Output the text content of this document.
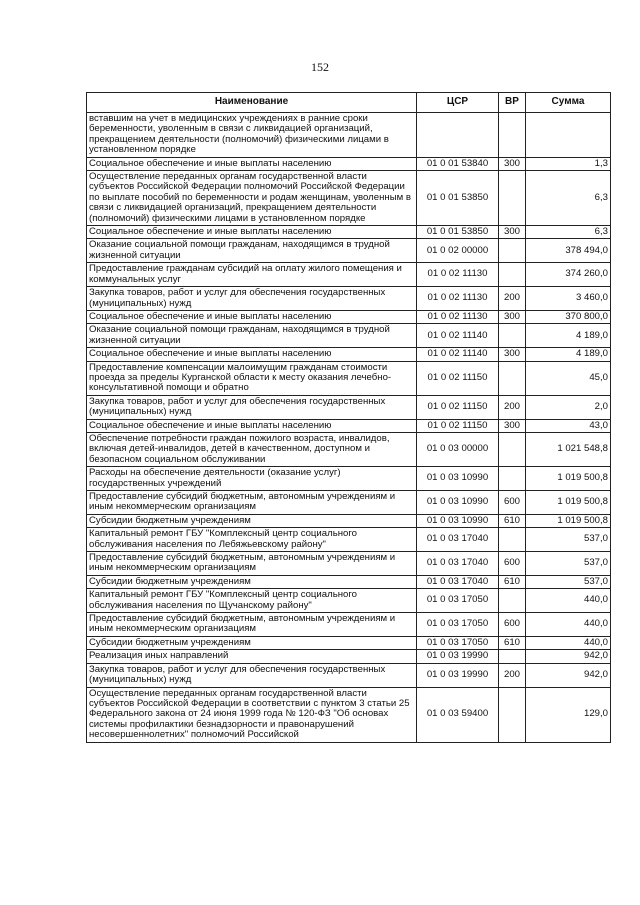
152
Наименование	ЦСР	ВР	Сумма
вставшим на учет в медицинских учреждениях в ранние сроки беременности, уволенным в связи с ликвидацией организаций, прекращением деятельности (полномочий) физическими лицами в установленном порядке			
Социальное обеспечение и иные выплаты населению	01 0 01 53840	300	1,3
Осуществление переданных органам государственной власти субъектов Российской Федерации полномочий Российской Федерации по выплате пособий по беременности и родам женщинам, уволенным в связи с ликвидацией организаций, прекращением деятельности (полномочий) физическими лицами в установленном порядке	01 0 01 53850		6,3
Социальное обеспечение и иные выплаты населению	01 0 01 53850	300	6,3
Оказание социальной помощи гражданам, находящимся в трудной жизненной ситуации	01 0 02 00000		378 494,0
Предоставление гражданам субсидий на оплату жилого помещения и коммунальных услуг	01 0 02 11130		374 260,0
Закупка товаров, работ и услуг для обеспечения государственных (муниципальных) нужд	01 0 02 11130	200	3 460,0
Социальное обеспечение и иные выплаты населению	01 0 02 11130	300	370 800,0
Оказание социальной помощи гражданам, находящимся в трудной жизненной ситуации	01 0 02 11140		4 189,0
Социальное обеспечение и иные выплаты населению	01 0 02 11140	300	4 189,0
Предоставление компенсации малоимущим гражданам стоимости проезда за пределы Курганской области к месту оказания лечебно-консультативной помощи и обратно	01 0 02 11150		45,0
Закупка товаров, работ и услуг для обеспечения государственных (муниципальных) нужд	01 0 02 11150	200	2,0
Социальное обеспечение и иные выплаты населению	01 0 02 11150	300	43,0
Обеспечение потребности граждан пожилого возраста, инвалидов, включая детей-инвалидов, детей в качественном, доступном и безопасном социальном обслуживании	01 0 03 00000		1 021 548,8
Расходы на обеспечение деятельности (оказание услуг) государственных учреждений	01 0 03 10990		1 019 500,8
Предоставление субсидий бюджетным, автономным учреждениям и иным некоммерческим организациям	01 0 03 10990	600	1 019 500,8
Субсидии бюджетным учреждениям	01 0 03 10990	610	1 019 500,8
Капитальный ремонт ГБУ "Комплексный центр социального обслуживания населения по Лебяжьевскому району"	01 0 03 17040		537,0
Предоставление субсидий бюджетным, автономным учреждениям и иным некоммерческим организациям	01 0 03 17040	600	537,0
Субсидии бюджетным учреждениям	01 0 03 17040	610	537,0
Капитальный ремонт ГБУ "Комплексный центр социального обслуживания населения по Щучанскому району"	01 0 03 17050		440,0
Предоставление субсидий бюджетным, автономным учреждениям и иным некоммерческим организациям	01 0 03 17050	600	440,0
Субсидии бюджетным учреждениям	01 0 03 17050	610	440,0
Реализация иных направлений	01 0 03 19990		942,0
Закупка товаров, работ и услуг для обеспечения государственных (муниципальных) нужд	01 0 03 19990	200	942,0
Осуществление переданных органам государственной власти субъектов Российской Федерации в соответствии с пунктом 3 статьи 25 Федерального закона от 24 июня 1999 года № 120-ФЗ "Об основах системы профилактики безнадзорности и правонарушений несовершеннолетних" полномочий Российской	01 0 03 59400		129,0
